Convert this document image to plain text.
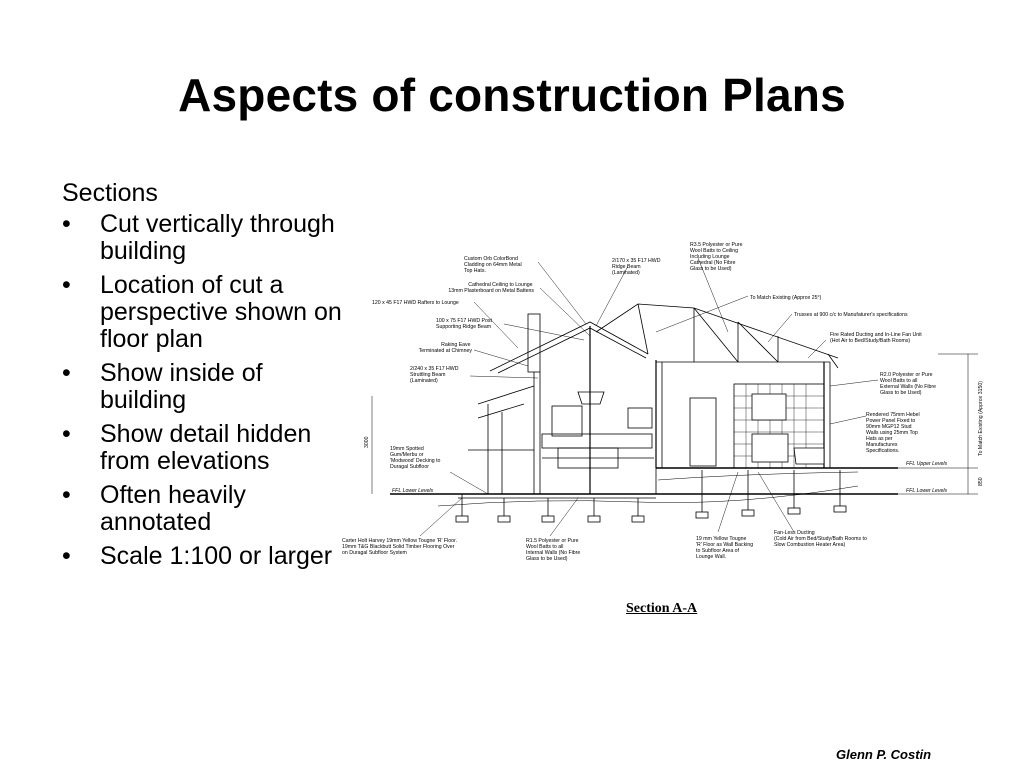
Aspects of construction Plans
Sections
• Cut vertically through building
• Location of cut a perspective shown on floor plan
• Show inside of building
• Show detail hidden from elevations
• Often heavily annotated
• Scale 1:100 or larger
Custom Orb ColorBond Cladding on 64mm Metal Top Hats.
2/170 x 35 F17 HWD Ridge Beam (Laminated)
R3.5 Polyester or Pure Wool Batts to Ceiling Including Lounge Cathedral (No Fibre Glass to be Used)
Cathedral Ceiling to Lounge 13mm Plasterboard on Metal Battens
To Match Existing (Approx 25°)
120 x 45 F17 HWD Rafters to Lounge
Trusses at 900 c/c to Manufaturer's specifications
100 x 75 F17 HWD Post Supporting Ridge Beam
Fire Rated Ducting and In-Line Fan Unit (Hot Air to Bed/Study/Bath Rooms)
Raking Eave Terminated at Chimney
2/240 x 35 F17 HWD Struttling Beam (Laminated)
R2.0 Polyester or Pure Wool Batts to all External Walls (No Fibre Glass to be Used)
Rendered 75mm Hebel Power Panel Fixed to 90mm MGP12 Stud Walls using 25mm Top Hats as per Manufactures Specifications.
19mm Spotted Gum/Merbu or 'Modwood' Decking to Duragal Subfloor	FFL Upper Levels
FFL Lower Levels	FFL Lower Levels
3000	To Match Existing (Approx 3150)
850
Carter Holt Harvey 19mm Yellow Tougne 'R' Floor. 19mm T&G Blackbutt Solid Timber Flooring Over on Duragal Subfloor System
R1.5 Polyester or Pure Wool Batts to all Internal Walls (No Fibre Glass to be Used)
19 mm Yellow Tougne 'R' Floor as Wall Backing to Subfloor Area of Lounge Wall.
Fan-Less Ducting (Cold Air from Bed/Study/Bath Rooms to Slow Combustion Heater Area)
Section A-A
Glenn P. Costin
